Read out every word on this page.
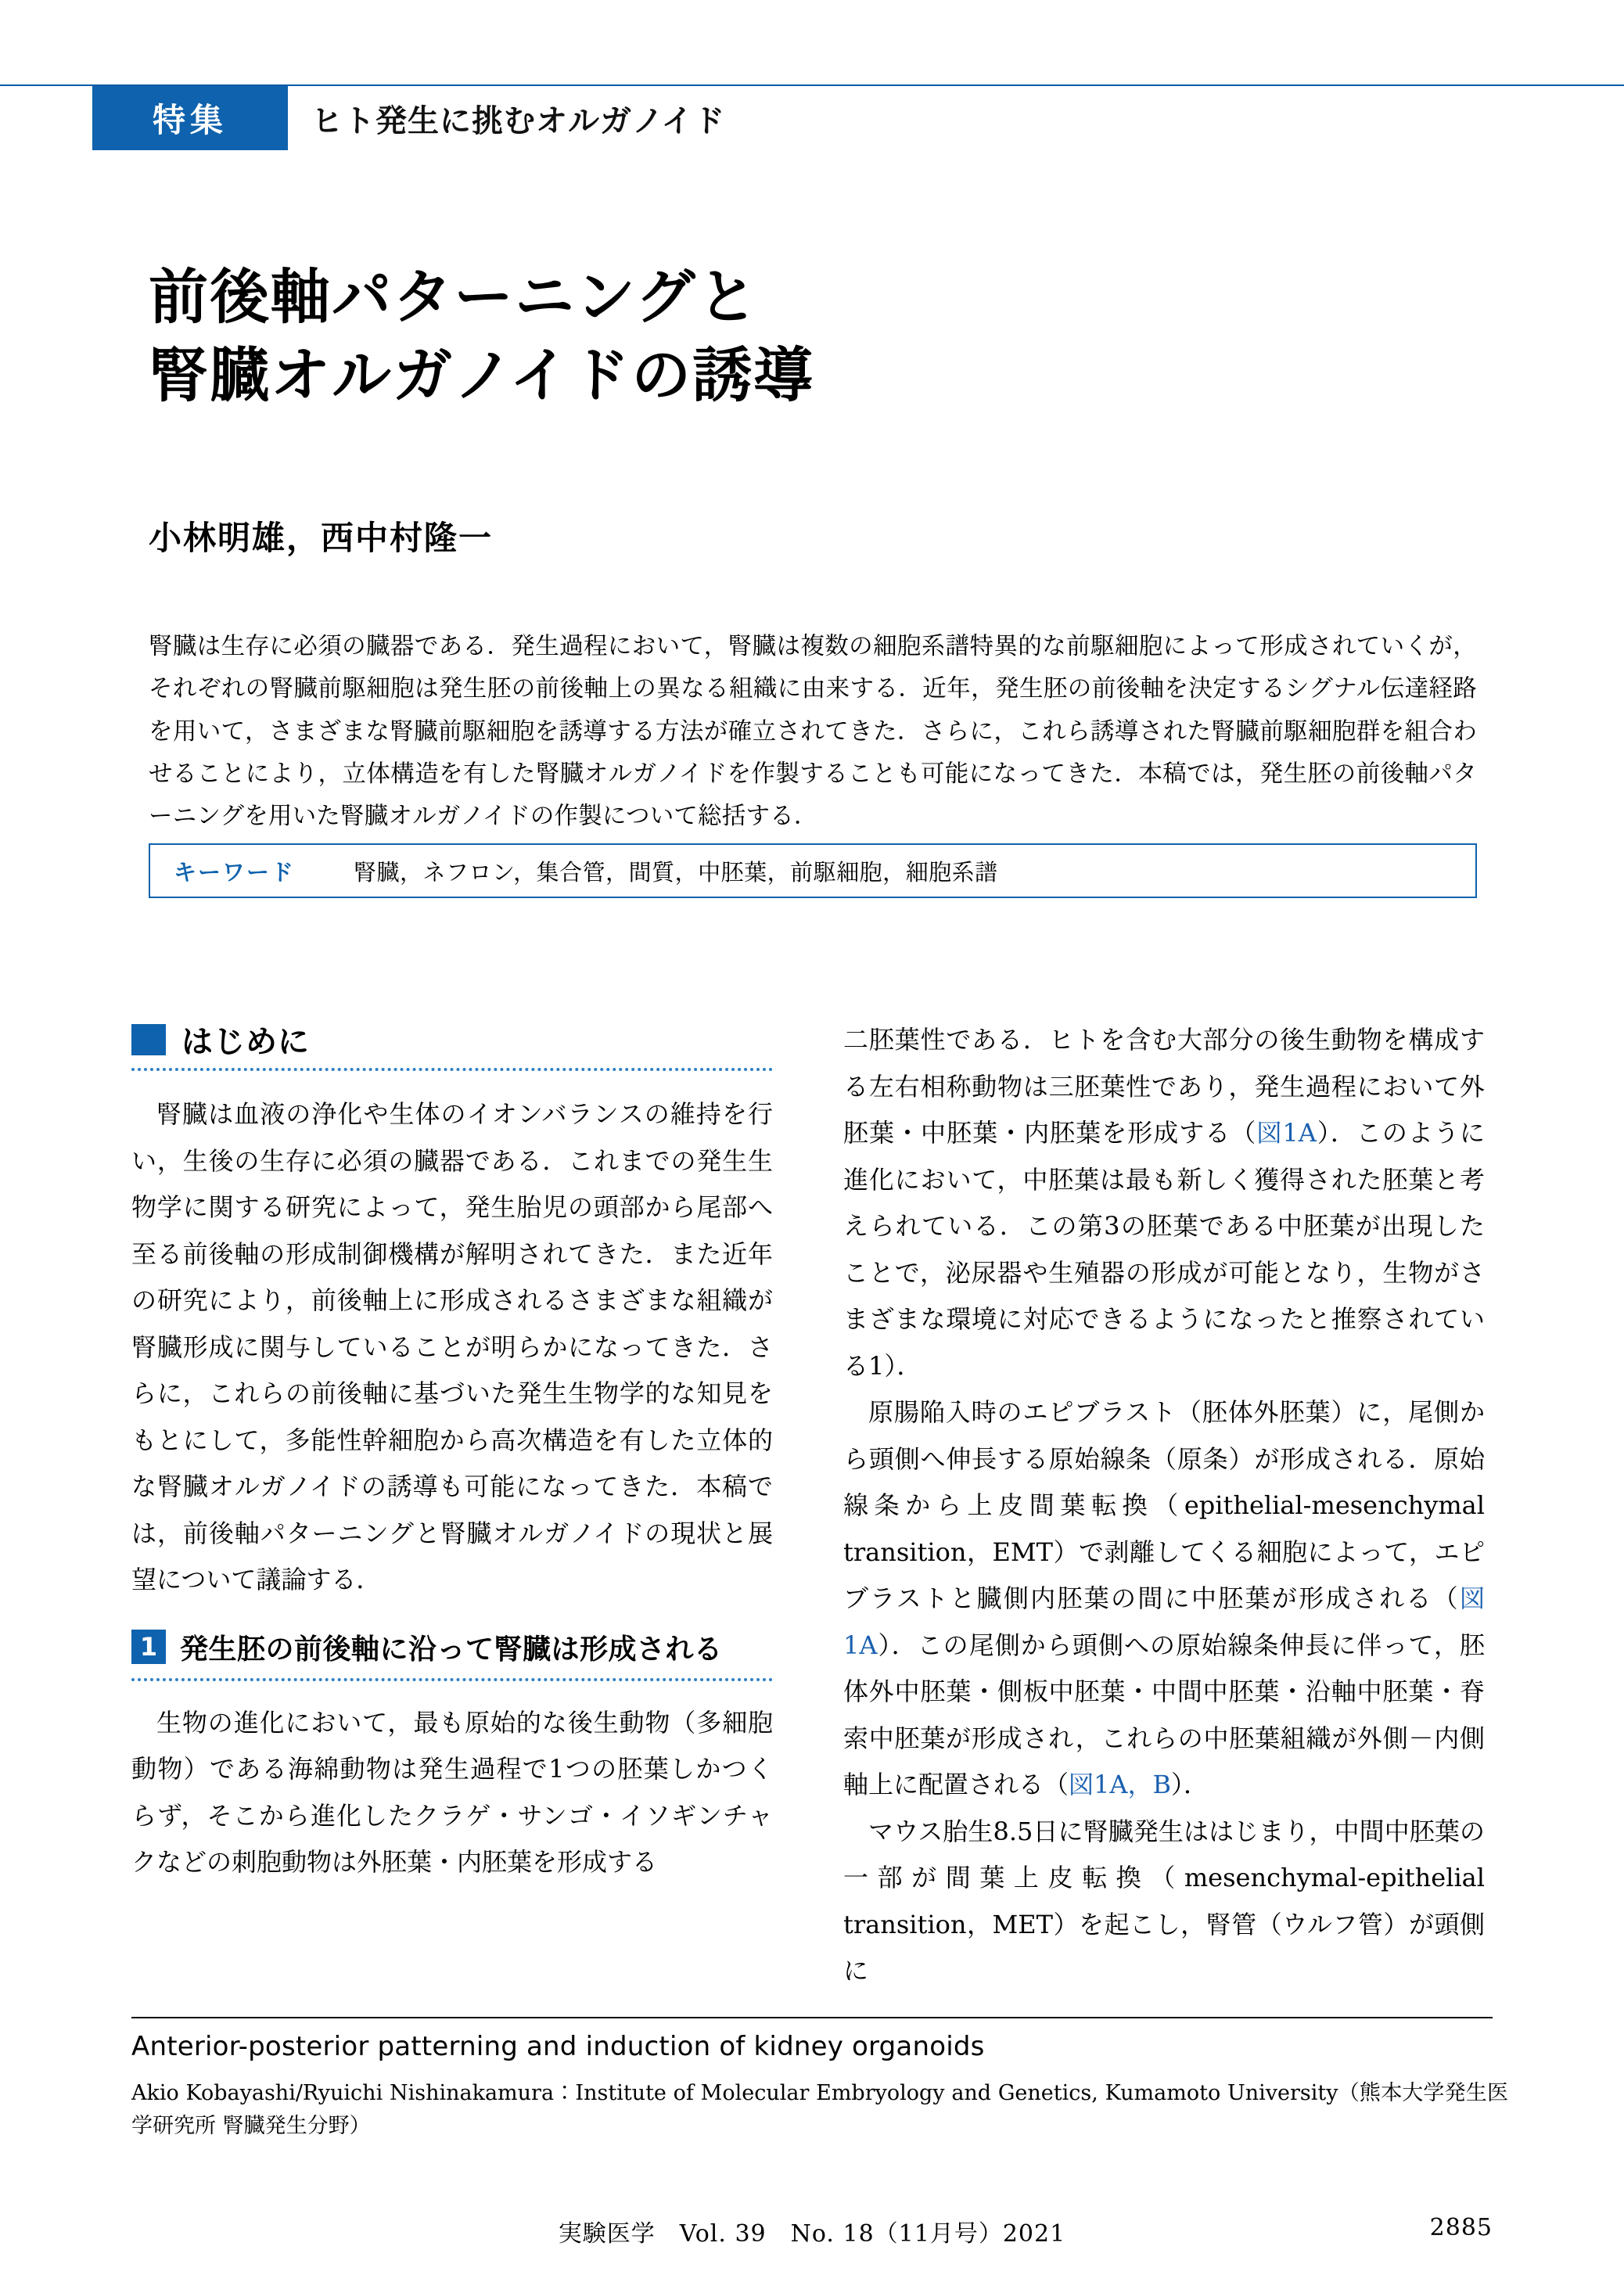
特集	ヒト発生に挑むオルガノイド
前後軸パターニングと
腎臓オルガノイドの誘導
小林明雄，西中村隆一
腎臓は生存に必須の臓器である．発生過程において，腎臓は複数の細胞系譜特異的な前駆細胞によって形成されていくが，それぞれの腎臓前駆細胞は発生胚の前後軸上の異なる組織に由来する．近年，発生胚の前後軸を決定するシグナル伝達経路を用いて，さまざまな腎臓前駆細胞を誘導する方法が確立されてきた．さらに，これら誘導された腎臓前駆細胞群を組合わせることにより，立体構造を有した腎臓オルガノイドを作製することも可能になってきた．本稿では，発生胚の前後軸パターニングを用いた腎臓オルガノイドの作製について総括する．
キーワード	腎臓，ネフロン，集合管，間質，中胚葉，前駆細胞，細胞系譜
はじめに

腎臓は血液の浄化や生体のイオンバランスの維持を行い，生後の生存に必須の臓器である．これまでの発生生物学に関する研究によって，発生胎児の頭部から尾部へ至る前後軸の形成制御機構が解明されてきた．また近年の研究により，前後軸上に形成されるさまざまな組織が腎臓形成に関与していることが明らかになってきた．さらに，これらの前後軸に基づいた発生生物学的な知見をもとにして，多能性幹細胞から高次構造を有した立体的な腎臓オルガノイドの誘導も可能になってきた．本稿では，前後軸パターニングと腎臓オルガノイドの現状と展望について議論する．

1 発生胚の前後軸に沿って腎臓は形成される

生物の進化において，最も原始的な後生動物（多細胞動物）である海綿動物は発生過程で1つの胚葉しかつくらず，そこから進化したクラゲ・サンゴ・イソギンチャクなどの刺胞動物は外胚葉・内胚葉を形成する

二胚葉性である．ヒトを含む大部分の後生動物を構成する左右相称動物は三胚葉性であり，発生過程において外胚葉・中胚葉・内胚葉を形成する（図1A）．このように進化において，中胚葉は最も新しく獲得された胚葉と考えられている．この第3の胚葉である中胚葉が出現したことで，泌尿器や生殖器の形成が可能となり，生物がさまざまな環境に対応できるようになったと推察されている1）．

原腸陥入時のエピブラスト（胚体外胚葉）に，尾側から頭側へ伸長する原始線条（原条）が形成される．原始線条から上皮間葉転換（epithelial-mesenchymal transition，EMT）で剥離してくる細胞によって，エピブラストと臓側内胚葉の間に中胚葉が形成される（図1A）．この尾側から頭側への原始線条伸長に伴って，胚体外中胚葉・側板中胚葉・中間中胚葉・沿軸中胚葉・脊索中胚葉が形成され，これらの中胚葉組織が外側－内側軸上に配置される（図1A，B）．

マウス胎生8.5日に腎臓発生ははじまり，中間中胚葉の一部が間葉上皮転換（mesenchymal-epithelial transition，MET）を起こし，腎管（ウルフ管）が頭側に

Anterior-posterior patterning and induction of kidney organoids
Akio Kobayashi/Ryuichi Nishinakamura：Institute of Molecular Embryology and Genetics, Kumamoto University（熊本大学発生医学研究所 腎臓発生分野）
実験医学　Vol. 39　No. 18（11月号）2021	2885
